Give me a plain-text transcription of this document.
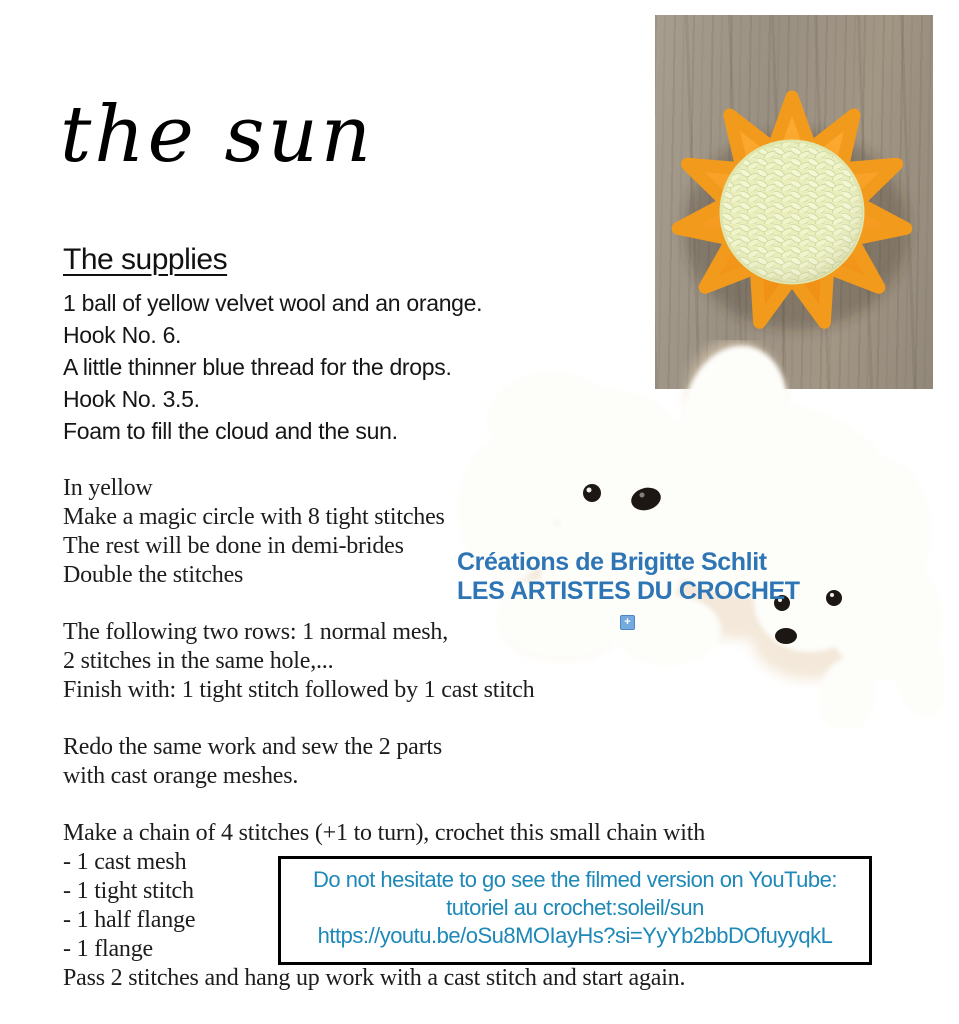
the sun
The supplies
1 ball of yellow velvet wool and an orange.
Hook No. 6.
A little thinner blue thread for the drops.
Hook No. 3.5.
Foam to fill the cloud and the sun.
Créations de Brigitte Schlit
LES ARTISTES DU CROCHET
+
In yellow
Make a magic circle with 8 tight stitches
The rest will be done in demi-brides
Double the stitches
The following two rows: 1 normal mesh,
2 stitches in the same hole,...
Finish with: 1 tight stitch followed by 1 cast stitch
Redo the same work and sew the 2 parts
with cast orange meshes.
Make a chain of 4 stitches (+1 to turn), crochet this small chain with
- 1 cast mesh
- 1 tight stitch
- 1 half flange
- 1 flange
Pass 2 stitches and hang up work with a cast stitch and start again.
Do not hesitate to go see the filmed version on YouTube:
tutoriel au crochet:soleil/sun
https://youtu.be/oSu8MOIayHs?si=YyYb2bbDOfuyyqkL
